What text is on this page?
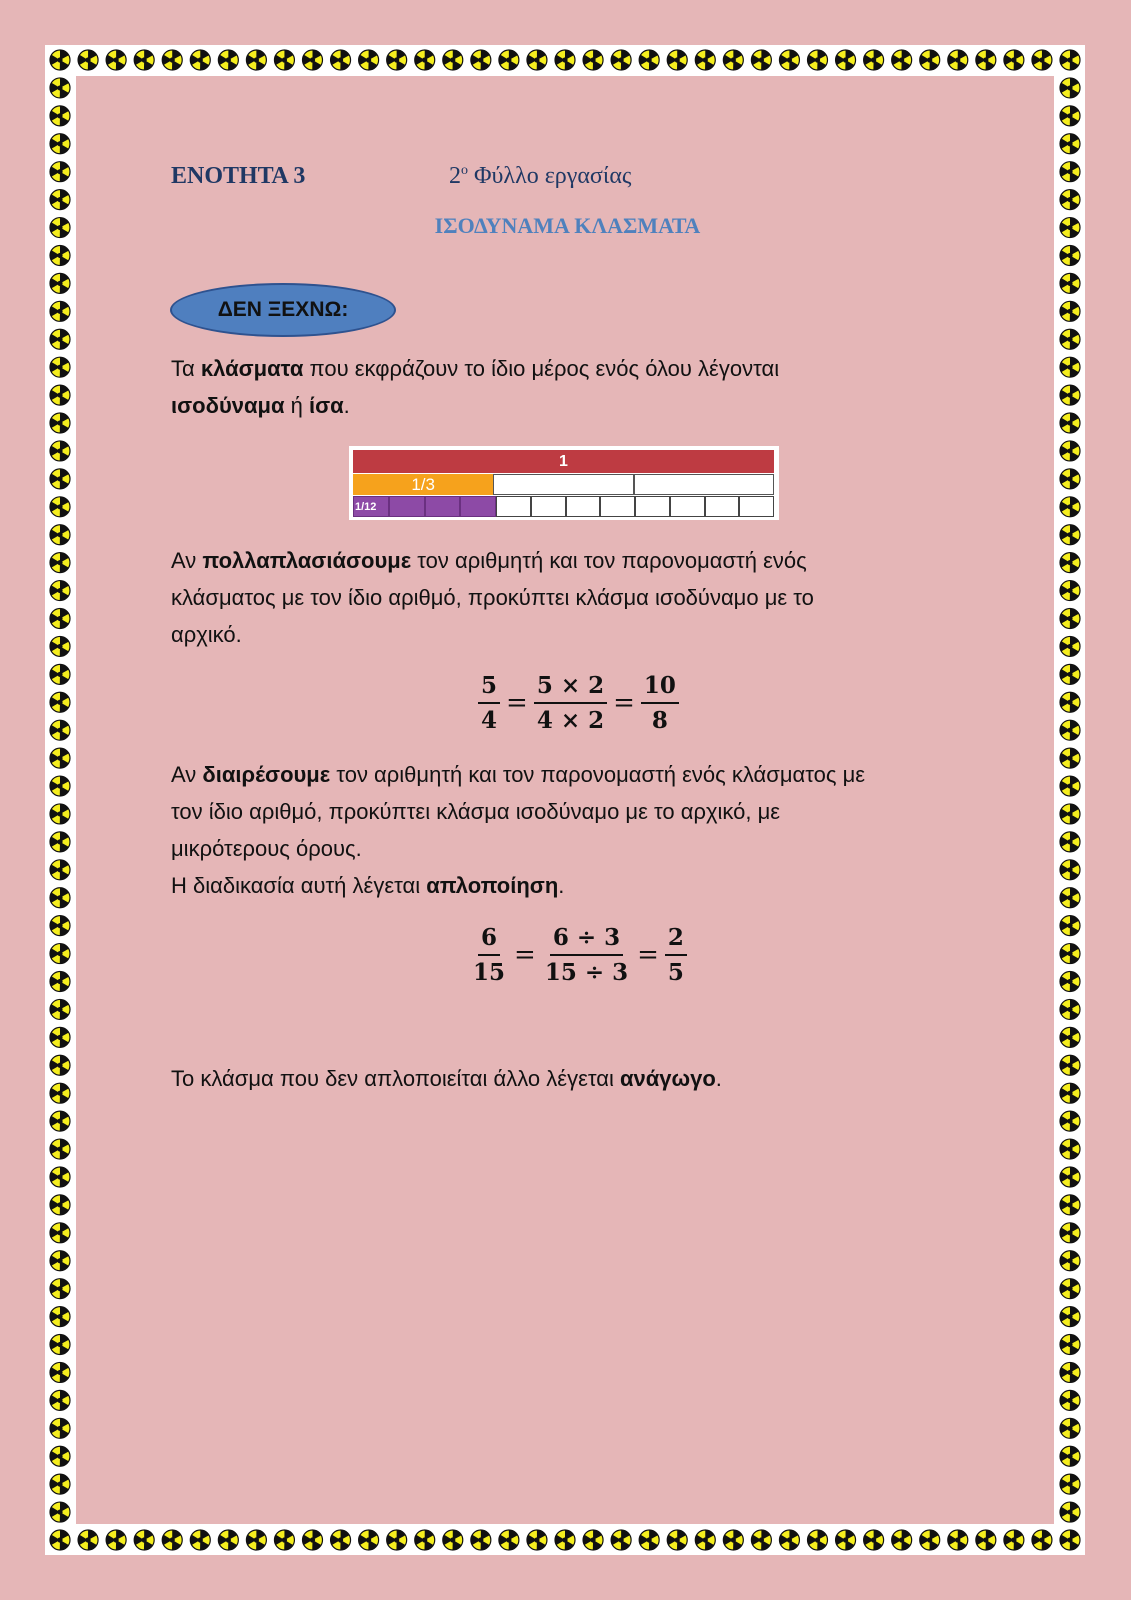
ΕΝΟΤΗΤΑ 3	$2^o$ Φύλλο εργασίας
ΙΣΟΔΥΝΑΜΑ ΚΛΑΣΜΑΤΑ
ΔΕΝ ΞΕΧΝΩ:
Τα κλάσματα που εκφράζουν το ίδιο μέρος ενός όλου λέγονται
ισοδύναμα ή ίσα.
1
1/3
1/12
Αν πολλαπλασιάσουμε τον αριθμητή και τον παρονομαστή ενός
κλάσματος με τον ίδιο αριθμό, προκύπτει κλάσμα ισοδύναμο με το
αρχικό.
$\frac{5}{4} = \frac{5 \times 2}{4 \times 2} = \frac{10}{8}$
Αν διαιρέσουμε τον αριθμητή και τον παρονομαστή ενός κλάσματος με
τον ίδιο αριθμό, προκύπτει κλάσμα ισοδύναμο με το αρχικό, με
μικρότερους όρους.
Η διαδικασία αυτή λέγεται απλοποίηση.
$\frac{6}{15} = \frac{6 \div 3}{15 \div 3} = \frac{2}{5}$
Το κλάσμα που δεν απλοποιείται άλλο λέγεται ανάγωγο.
